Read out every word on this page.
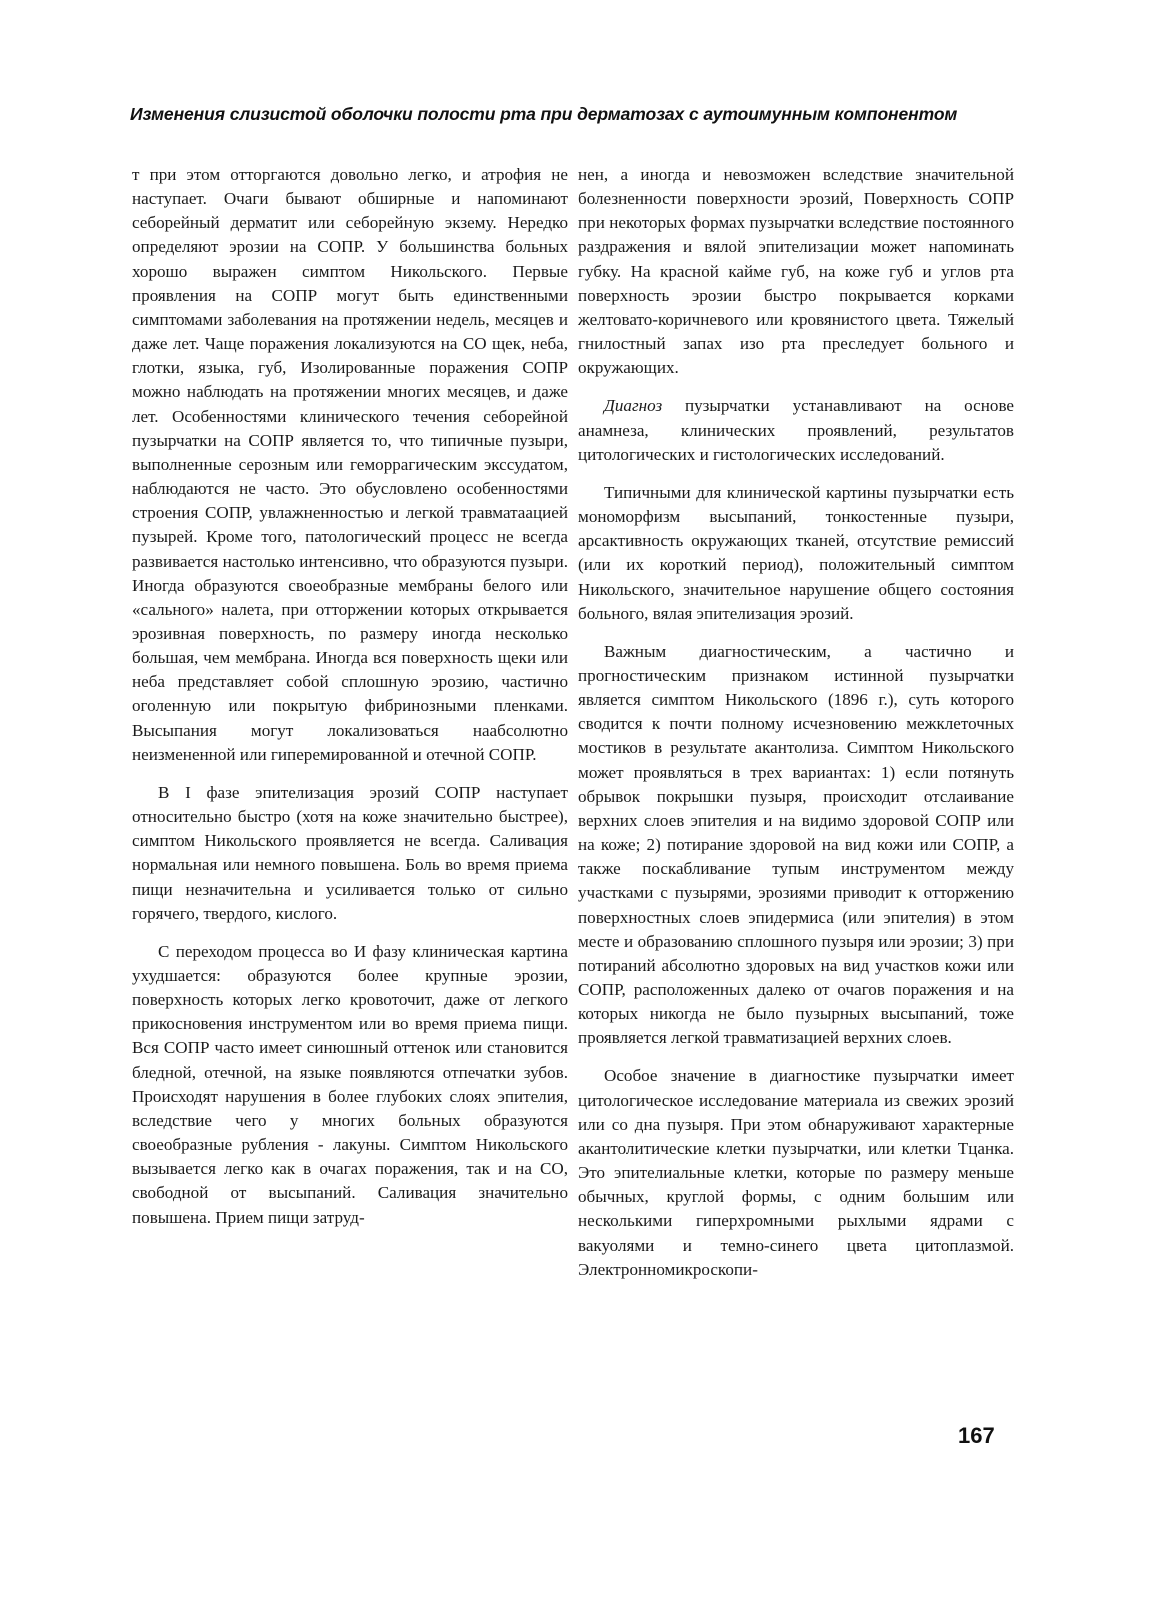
Изменения слизистой оболочки полости рта при дерматозах с аутоимунным компонентом

т при этом отторгаются довольно легко, и атрофия не наступает. Очаги бывают обширные и напоминают себорейный дерматит или себорейную экзему. Нередко определяют эрозии на СОПР. У большинства больных хорошо выражен симптом Никольского. Первые проявления на СОПР могут быть единственными симптомами заболевания на протяжении недель, месяцев и даже лет. Чаще поражения локализуются на СО щек, неба, глотки, языка, губ, Изолированные поражения СОПР можно наблюдать на протяжении многих месяцев, и даже лет. Особенностями клинического течения себорейной пузырчатки на СОПР является то, что типичные пузыри, выполненные серозным или геморрагическим экссудатом, наблюдаются не часто. Это обусловлено особенностями строения СОПР, увлажненностью и легкой травматаацией пузырей. Кроме того, патологический процесс не всегда развивается настолько интенсивно, что образуются пузыри. Иногда образуются своеобразные мембраны белого или «сального» налета, при отторжении которых открывается эрозивная поверхность, по размеру иногда несколько большая, чем мембрана. Иногда вся поверхность щеки или неба представляет собой сплошную эрозию, частично оголенную или покрытую фибринозными пленками. Высыпания могут локализоваться наабсолютно неизмененной или гиперемированной и отечной СОПР.

В I фазе эпителизация эрозий СОПР наступает относительно быстро (хотя на коже значительно быстрее), симптом Никольского проявляется не всегда. Саливация нормальная или немного повышена. Боль во время приема пищи незначительна и усиливается только от сильно горячего, твердого, кислого.

С переходом процесса во И фазу клиническая картина ухудшается: образуются более крупные эрозии, поверхность которых легко кровоточит, даже от легкого прикосновения инструментом или во время приема пищи. Вся СОПР часто имеет синюшный оттенок или становится бледной, отечной, на языке появляются отпечатки зубов. Происходят нарушения в более глубоких слоях эпителия, вследствие чего у многих больных образуются своеобразные рубления - лакуны. Симптом Никольского вызывается легко как в очагах поражения, так и на СО, свободной от высыпаний. Саливация значительно повышена. Прием пищи затруд-

нен, а иногда и невозможен вследствие значительной болезненности поверхности эрозий, Поверхность СОПР при некоторых формах пузырчатки вследствие постоянного раздражения и вялой эпителизации может напоминать губку. На красной кайме губ, на коже губ и углов рта поверхность эрозии быстро покрывается корками желтовато-коричневого или кровянистого цвета. Тяжелый гнилостный запах изо рта преследует больного и окружающих.

Диагноз пузырчатки устанавливают на основе анамнеза, клинических проявлений, результатов цитологических и гистологических исследований.

Типичными для клинической картины пузырчатки есть мономорфизм высыпаний, тонкостенные пузыри, арсактивность окружающих тканей, отсутствие ремиссий (или их короткий период), положительный симптом Никольского, значительное нарушение общего состояния больного, вялая эпителизация эрозий.

Важным диагностическим, а частично и прогностическим признаком истинной пузырчатки является симптом Никольского (1896 г.), суть которого сводится к почти полному исчезновению межклеточных мостиков в результате акантолиза. Симптом Никольского может проявляться в трех вариантах: 1) если потянуть обрывок покрышки пузыря, происходит отслаивание верхних слоев эпителия и на видимо здоровой СОПР или на коже; 2) потирание здоровой на вид кожи или СОПР, а также поскабливание тупым инструментом между участками с пузырями, эрозиями приводит к отторжению поверхностных слоев эпидермиса (или эпителия) в этом месте и образованию сплошного пузыря или эрозии; 3) при потираний абсолютно здоровых на вид участков кожи или СОПР, расположенных далеко от очагов поражения и на которых никогда не было пузырных высыпаний, тоже проявляется легкой травматизацией верхних слоев.

Особое значение в диагностике пузырчатки имеет цитологическое исследование материала из свежих эрозий или со дна пузыря. При этом обнаруживают характерные акантолитические клетки пузырчатки, или клетки Тцанка. Это эпителиальные клетки, которые по размеру меньше обычных, круглой формы, с одним большим или несколькими гиперхромными рыхлыми ядрами с вакуолями и темно-синего цвета цитоплазмой. Электронномикроскопи-

167
